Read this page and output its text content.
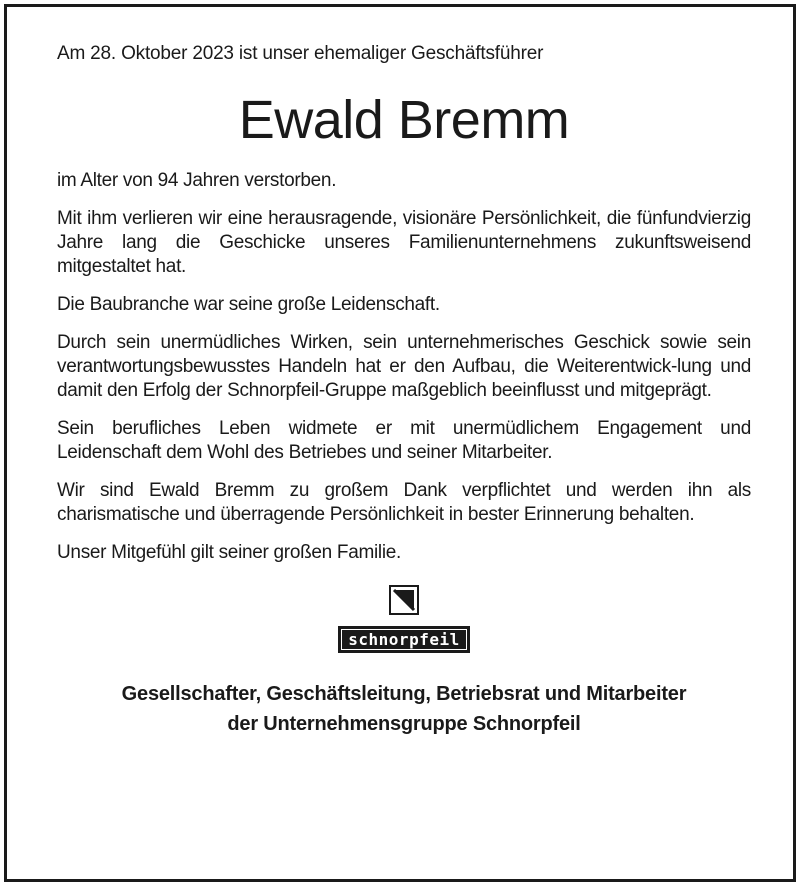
Am 28. Oktober 2023 ist unser ehemaliger Geschäftsführer

Ewald Bremm

im Alter von 94 Jahren verstorben.

Mit ihm verlieren wir eine herausragende, visionäre Persönlichkeit, die fünfundvierzig Jahre lang die Geschicke unseres Familienunternehmens zukunftsweisend mitgestaltet hat.

Die Baubranche war seine große Leidenschaft.

Durch sein unermüdliches Wirken, sein unternehmerisches Geschick sowie sein verantwortungsbewusstes Handeln hat er den Aufbau, die Weiterentwick-lung und damit den Erfolg der Schnorpfeil-Gruppe maßgeblich beeinflusst und mitgeprägt.

Sein berufliches Leben widmete er mit unermüdlichem Engagement und Leidenschaft dem Wohl des Betriebes und seiner Mitarbeiter.

Wir sind Ewald Bremm zu großem Dank verpflichtet und werden ihn als charismatische und überragende Persönlichkeit in bester Erinnerung behalten.

Unser Mitgefühl gilt seiner großen Familie.

schnorpfeil
Gesellschafter, Geschäftsleitung, Betriebsrat und Mitarbeiter
der Unternehmensgruppe Schnorpfeil
